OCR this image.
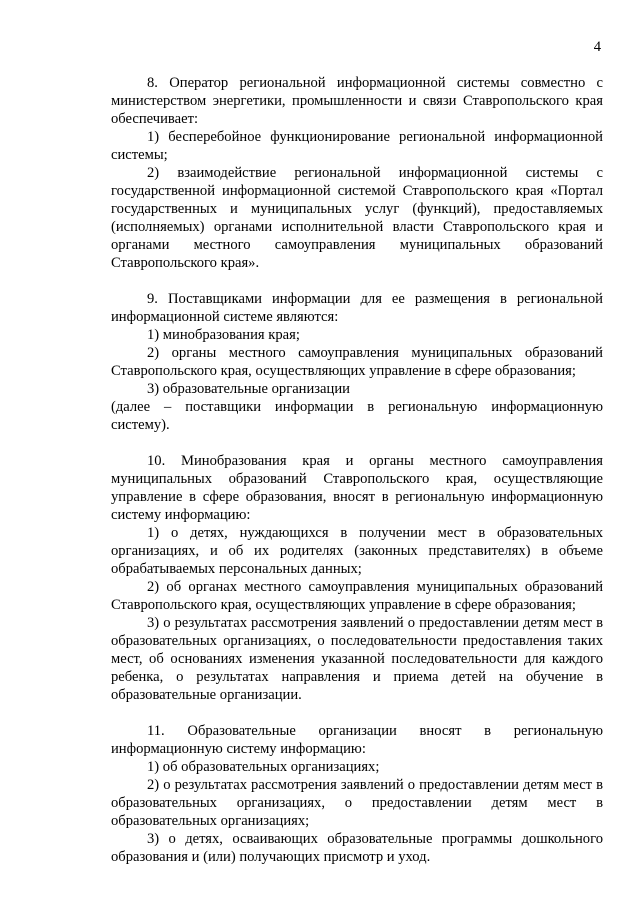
4

8. Оператор региональной информационной системы совместно с министерством энергетики, промышленности и связи Ставропольского края обеспечивает:

1) бесперебойное функционирование региональной информационной системы;

2) взаимодействие региональной информационной системы с государственной информационной системой Ставропольского края «Портал государственных и муниципальных услуг (функций), предоставляемых (исполняемых) органами исполнительной власти Ставропольского края и органами местного самоуправления муниципальных образований Ставропольского края».

9. Поставщиками информации для ее размещения в региональной информационной системе являются:

1) минобразования края;

2) органы местного самоуправления муниципальных образований Ставропольского края, осуществляющих управление в сфере образования;

3) образовательные организации

(далее – поставщики информации в региональную информационную систему).

10. Минобразования края и органы местного самоуправления муниципальных образований Ставропольского края, осуществляющие управление в сфере образования, вносят в региональную информационную систему информацию:

1) о детях, нуждающихся в получении мест в образовательных организациях, и об их родителях (законных представителях) в объеме обрабатываемых персональных данных;

2) об органах местного самоуправления муниципальных образований Ставропольского края, осуществляющих управление в сфере образования;

3) о результатах рассмотрения заявлений о предоставлении детям мест в образовательных организациях, о последовательности предоставления таких мест, об основаниях изменения указанной последовательности для каждого ребенка, о результатах направления и приема детей на обучение в образовательные организации.

11. Образовательные организации вносят в региональную информационную систему информацию:

1) об образовательных организациях;

2) о результатах рассмотрения заявлений о предоставлении детям мест в образовательных организациях, о предоставлении детям мест в образовательных организациях;

3) о детях, осваивающих образовательные программы дошкольного образования и (или) получающих присмотр и уход.
